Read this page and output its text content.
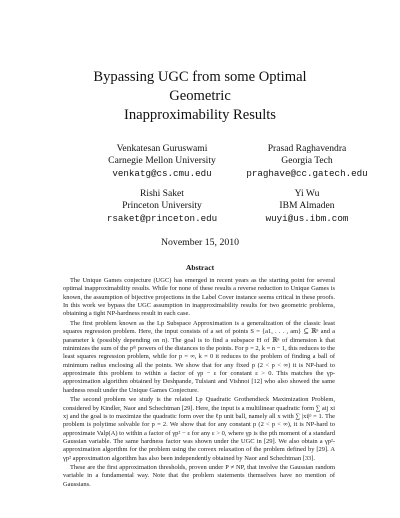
Bypassing UGC from some Optimal Geometric
Inapproximability Results
Venkatesan Guruswami
Carnegie Mellon University
venkatg@cs.cmu.edu
Prasad Raghavendra
Georgia Tech
praghave@cc.gatech.edu
Rishi Saket
Princeton University
rsaket@princeton.edu
Yi Wu
IBM Almaden
wuyi@us.ibm.com
November 15, 2010
Abstract

The Unique Games conjecture (UGC) has emerged in recent years as the starting point for several optimal inapproximability results. While for none of these results a reverse reduction to Unique Games is known, the assumption of bijective projections in the Label Cover instance seems critical in these proofs. In this work we bypass the UGC assumption in inapproximability results for two geometric problems, obtaining a tight NP-hardness result in each case.

The first problem known as the Lp Subspace Approximation is a generalization of the classic least squares regression problem. Here, the input consists of a set of points S = {a1, . . . , am} ⊆ ℝⁿ and a parameter k (possibly depending on n). The goal is to find a subspace H of ℝⁿ of dimension k that minimizes the sum of the pᵗʰ powers of the distances to the points. For p = 2, k = n − 1, this reduces to the least squares regression problem, while for p = ∞, k = 0 it reduces to the problem of finding a ball of minimum radius enclosing all the points. We show that for any fixed p (2 < p < ∞) it is NP-hard to approximate this problem to within a factor of γp − ε for constant ε > 0. This matches the γp-approximation algorithm obtained by Deshpande, Tulsiani and Vishnoi [12] who also showed the same hardness result under the Unique Games Conjecture.

The second problem we study is the related Lp Quadratic Grothendieck Maximization Problem, considered by Kindler, Naor and Schechtman [29]. Here, the input is a multilinear quadratic form ∑ aij xi xj and the goal is to maximize the quadratic form over the ℓp unit ball, namely all x with ∑ |xi|ᵖ = 1. The problem is polytime solvable for p = 2. We show that for any constant p (2 < p < ∞), it is NP-hard to approximate Valp(A) to within a factor of γp² − ε for any ε > 0, where γp is the pth moment of a standard Gaussian variable. The same hardness factor was shown under the UGC in [29]. We also obtain a γp²-approximation algorithm for the problem using the convex relaxation of the problem defined by [29]. A γp² approximation algorithm has also been independently obtained by Naor and Schechtman [33].

These are the first approximation thresholds, proven under P ≠ NP, that involve the Gaussian random variable in a fundamental way. Note that the problem statements themselves have no mention of Gaussians.
